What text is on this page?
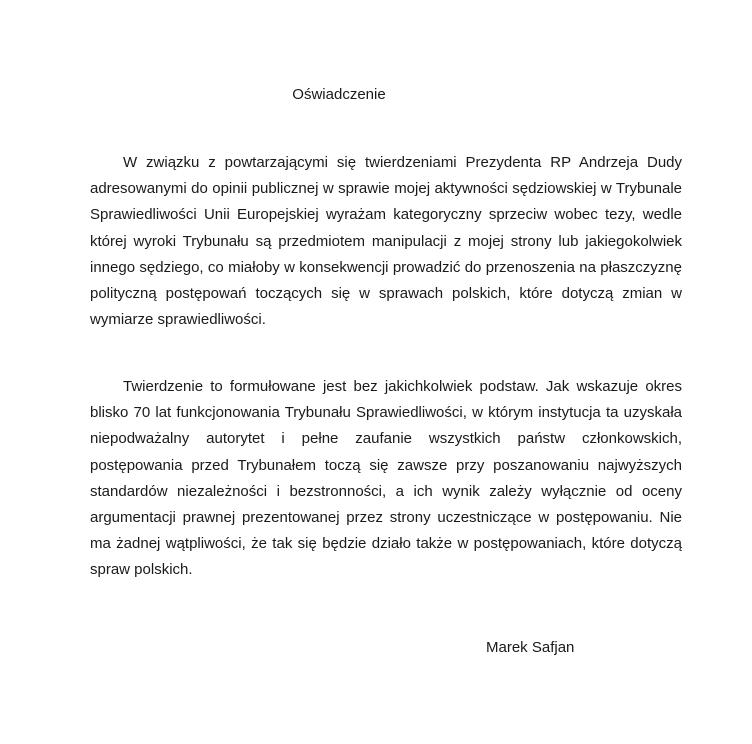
Oświadczenie

W związku z powtarzającymi się twierdzeniami Prezydenta RP Andrzeja Dudy adresowanymi do opinii publicznej w sprawie mojej aktywności sędziowskiej w Trybunale Sprawiedliwości Unii Europejskiej wyrażam kategoryczny sprzeciw wobec tezy, wedle której wyroki Trybunału są przedmiotem manipulacji z mojej strony lub jakiegokolwiek innego sędziego, co miałoby w konsekwencji prowadzić do przenoszenia na płaszczyznę polityczną postępowań toczących się w sprawach polskich, które dotyczą zmian w wymiarze sprawiedliwości.

Twierdzenie to formułowane jest bez jakichkolwiek podstaw. Jak wskazuje okres blisko 70 lat funkcjonowania Trybunału Sprawiedliwości, w którym instytucja ta uzyskała niepodważalny autorytet i pełne zaufanie wszystkich państw członkowskich, postępowania przed Trybunałem toczą się zawsze przy poszanowaniu najwyższych standardów niezależności i bezstronności, a ich wynik zależy wyłącznie od oceny argumentacji prawnej prezentowanej przez strony uczestniczące w postępowaniu. Nie ma żadnej wątpliwości, że tak się będzie działo także w postępowaniach, które dotyczą spraw polskich.

Marek Safjan
